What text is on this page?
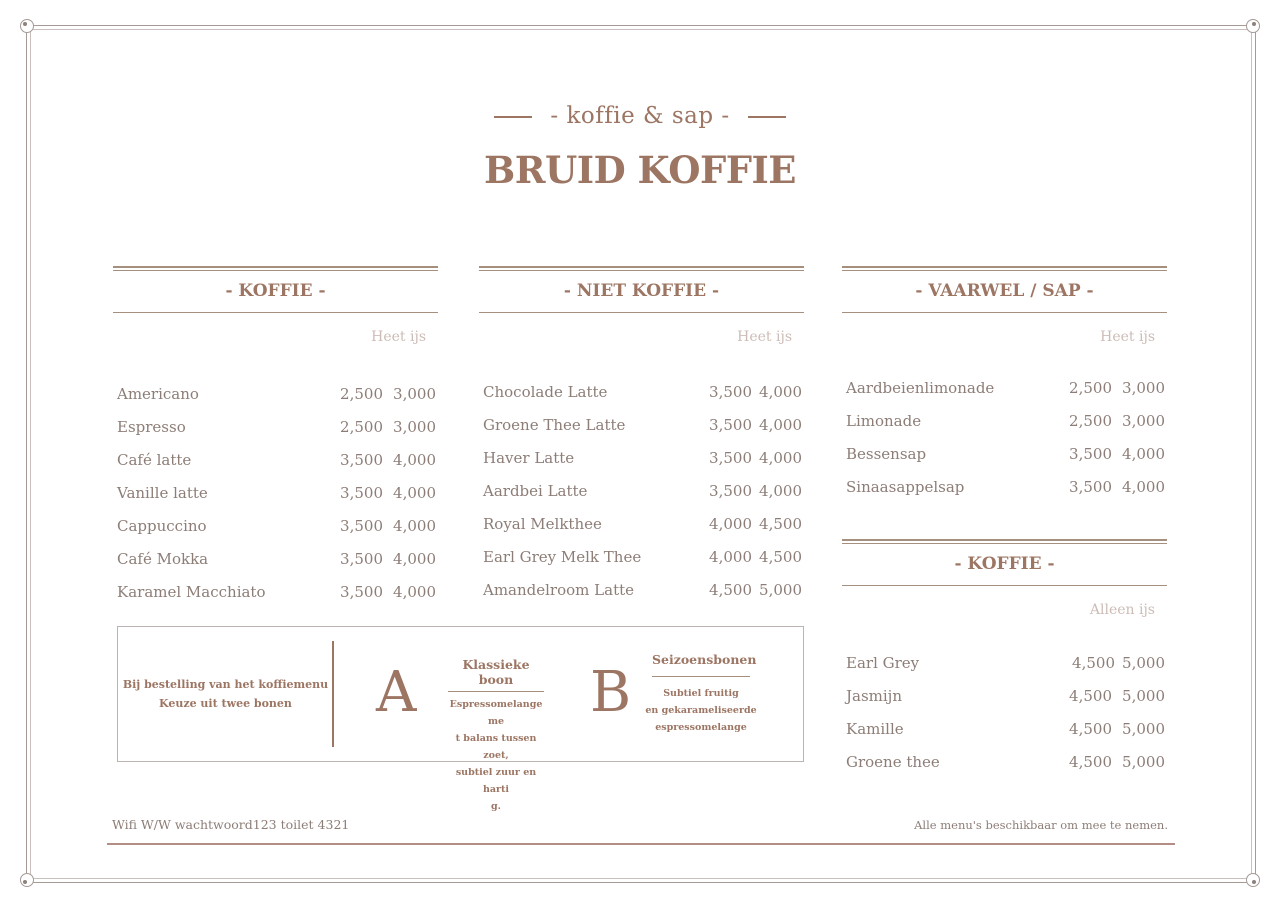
- koffie & sap -
BRUID KOFFIE
- KOFFIE -
Heet ijs
Americano	2,500 3,000
Espresso	2,500 3,000
Café latte	3,500 4,000
Vanille latte	3,500 4,000
Cappuccino	3,500 4,000
Café Mokka	3,500 4,000
Karamel Macchiato	3,500 4,000
- NIET KOFFIE -
Heet ijs
Chocolade Latte	3,500 4,000
Groene Thee Latte	3,500 4,000
Haver Latte	3,500 4,000
Aardbei Latte	3,500 4,000
Royal Melkthee	4,000 4,500
Earl Grey Melk Thee	4,000 4,500
Amandelroom Latte	4,500 5,000
- VAARWEL / SAP -
Heet ijs
Aardbeienlimonade	2,500 3,000
Limonade	2,500 3,000
Bessensap	3,500 4,000
Sinaasappelsap	3,500 4,000
- KOFFIE -
Alleen ijs
Earl Grey	4,500 5,000
Jasmijn	4,500 5,000
Kamille	4,500 5,000
Groene thee	4,500 5,000
Bij bestelling van het koffiemenu
Keuze uit twee bonen	A	Klassieke boon
Espressomelange me
t balans tussen zoet,
subtiel zuur en harti
g.
B
Seizoensbonen
Subtiel fruitig
en gekarameliseerde
espressomelange
Wifi W/W wachtwoord123 toilet 4321	Alle menu's beschikbaar om mee te nemen.
